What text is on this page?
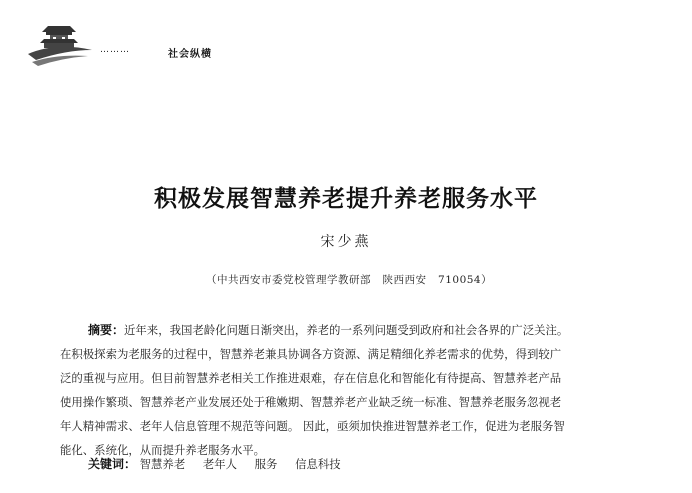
………	社会纵横
积极发展智慧养老提升养老服务水平
宋少燕
（中共西安市委党校管理学教研部 陕西西安 710054）
摘要：近年来，我国老龄化问题日渐突出，养老的一系列问题受到政府和社会各界的广泛关注。
在积极探索为老服务的过程中，智慧养老兼具协调各方资源、满足精细化养老需求的优势，得到较广
泛的重视与应用。但目前智慧养老相关工作推进艰难，存在信息化和智能化有待提高、智慧养老产品
使用操作繁琐、智慧养老产业发展还处于稚嫩期、智慧养老产业缺乏统一标准、智慧养老服务忽视老
年人精神需求、老年人信息管理不规范等问题。 因此，亟须加快推进智慧养老工作，促进为老服务智
能化、系统化，从而提升养老服务水平。
关键词： 智慧养老 老年人 服务 信息科技
